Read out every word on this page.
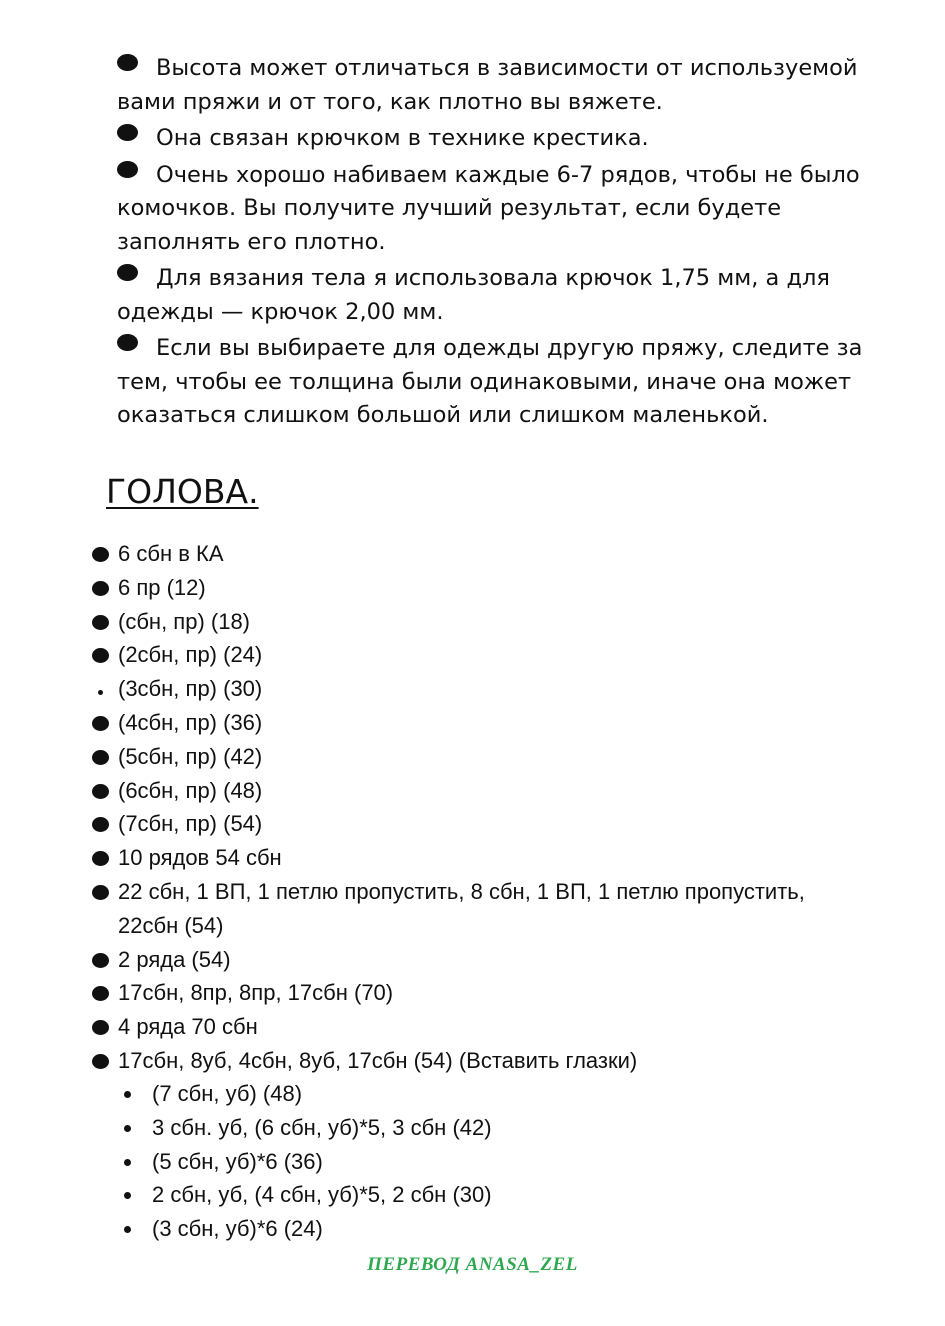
Высота может отличаться в зависимости от используемой вами пряжи и от того, как плотно вы вяжете.

Она связан крючком в технике крестика.

Очень хорошо набиваем каждые 6-7 рядов, чтобы не было комочков. Вы получите лучший результат, если будете заполнять его плотно.

Для вязания тела я использовала крючок 1,75 мм, а для одежды — крючок 2,00 мм.

Если вы выбираете для одежды другую пряжу, следите за тем, чтобы ее толщина были одинаковыми, иначе она может оказаться слишком большой или слишком маленькой.

ГОЛОВА.
6 сбн в КА
6 пр (12)
(сбн, пр) (18)
(2сбн, пр) (24)
(3сбн, пр) (30)
(4сбн, пр) (36)
(5сбн, пр) (42)
(6сбн, пр) (48)
(7сбн, пр) (54)
10 рядов 54 сбн
22 сбн, 1 ВП, 1 петлю пропустить, 8 сбн, 1 ВП, 1 петлю пропустить,
22сбн (54)
2 ряда (54)
17сбн, 8пр, 8пр, 17сбн (70)
4 ряда 70 сбн
17сбн, 8уб, 4сбн, 8уб, 17сбн (54) (Вставить глазки)
(7 сбн, уб) (48)
3 сбн. уб, (6 сбн, уб)*5, 3 сбн (42)
(5 сбн, уб)*6 (36)
2 сбн, уб, (4 сбн, уб)*5, 2 сбн (30)
(3 сбн, уб)*6 (24)
ПЕРЕВОД ANASA_ZEL
